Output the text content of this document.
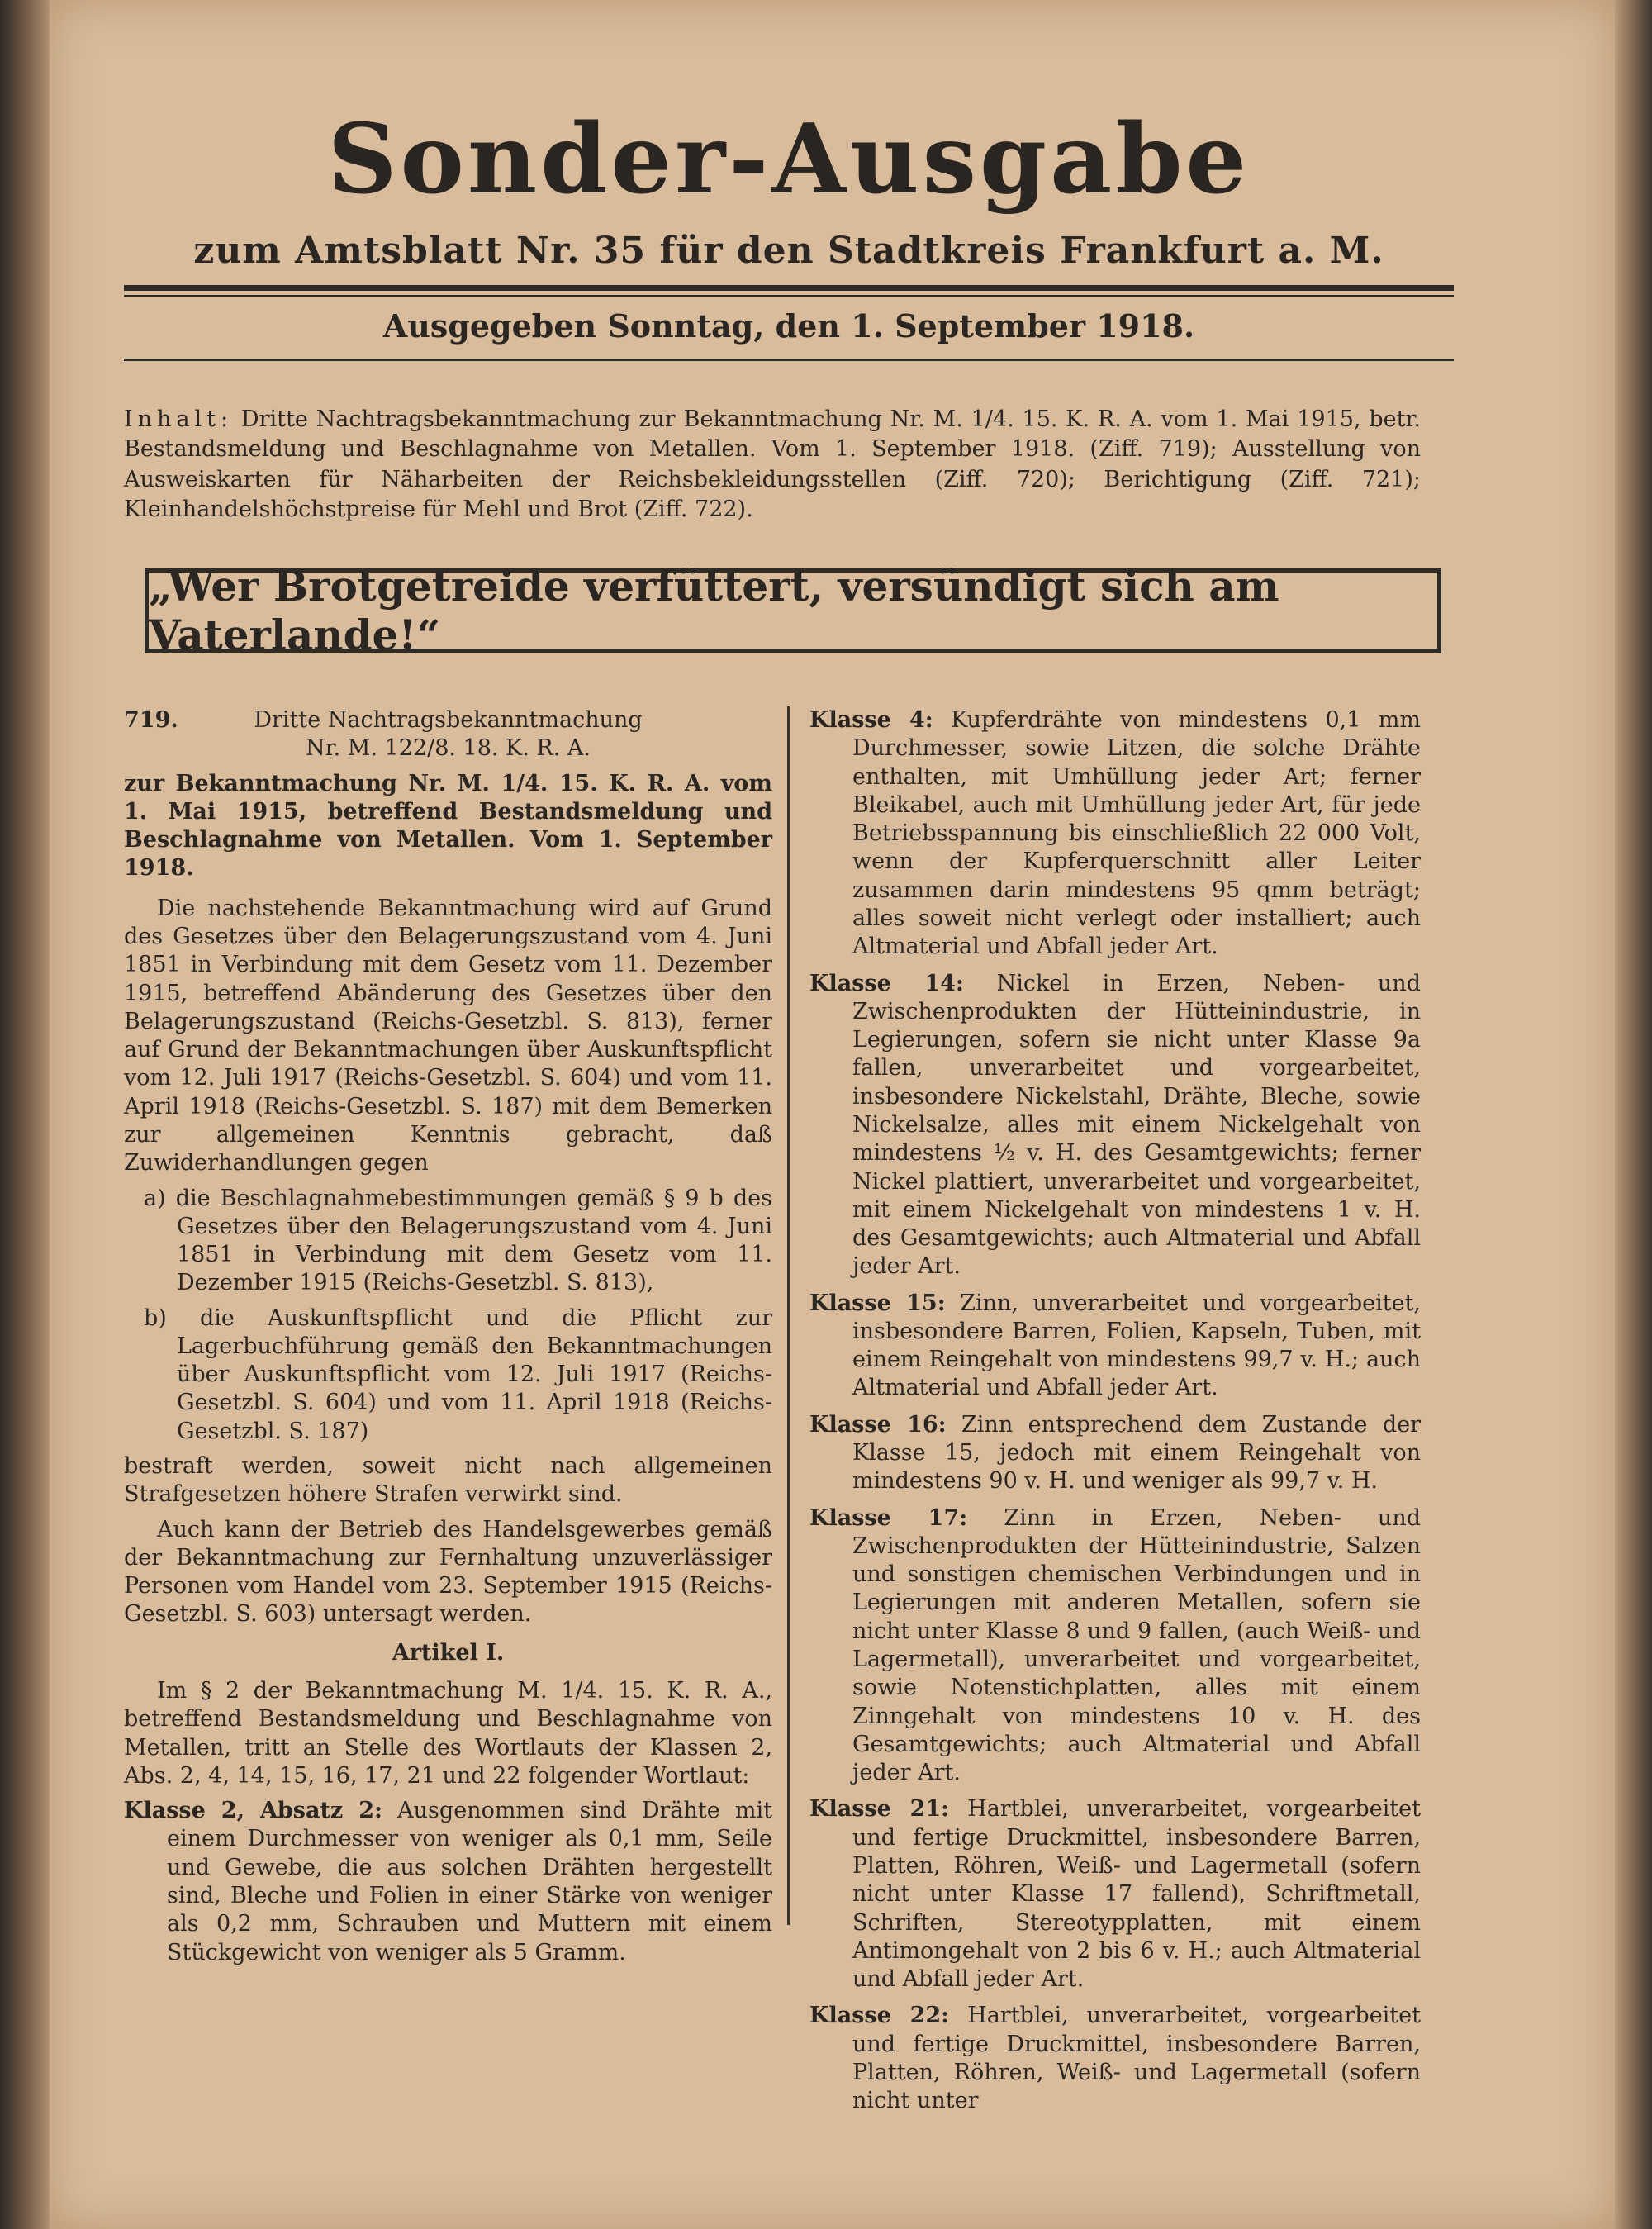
Sonder-Ausgabe
zum Amtsblatt Nr. 35 für den Stadtkreis Frankfurt a. M.
Ausgegeben Sonntag, den 1. September 1918.
Inhalt: Dritte Nachtragsbekanntmachung zur Bekanntmachung Nr. M. 1/4. 15. K. R. A. vom 1. Mai 1915, betr. Bestandsmeldung und Beschlagnahme von Metallen. Vom 1. September 1918. (Ziff. 719); Ausstellung von Ausweiskarten für Näharbeiten der Reichsbekleidungsstellen (Ziff. 720); Berichtigung (Ziff. 721); Kleinhandelshöchstpreise für Mehl und Brot (Ziff. 722).
„Wer Brotgetreide verfüttert, versündigt sich am Vaterlande!“
719.	Dritte Nachtragsbekanntmachung

Nr. M. 122/8. 18. K. R. A.

zur Bekanntmachung Nr. M. 1/4. 15. K. R. A. vom 1. Mai 1915, betreffend Bestandsmeldung und Beschlagnahme von Metallen. Vom 1. September 1918.

Die nachstehende Bekanntmachung wird auf Grund des Gesetzes über den Belagerungszustand vom 4. Juni 1851 in Verbindung mit dem Gesetz vom 11. Dezember 1915, betreffend Abänderung des Gesetzes über den Belagerungszustand (Reichs-Gesetzbl. S. 813), ferner auf Grund der Bekanntmachungen über Auskunftspflicht vom 12. Juli 1917 (Reichs-Gesetzbl. S. 604) und vom 11. April 1918 (Reichs-Gesetzbl. S. 187) mit dem Bemerken zur allgemeinen Kenntnis gebracht, daß Zuwiderhandlungen gegen

a) die Beschlagnahmebestimmungen gemäß § 9 b des Gesetzes über den Belagerungszustand vom 4. Juni 1851 in Verbindung mit dem Gesetz vom 11. Dezember 1915 (Reichs-Gesetzbl. S. 813),

b) die Auskunftspflicht und die Pflicht zur Lagerbuchführung gemäß den Bekanntmachungen über Auskunftspflicht vom 12. Juli 1917 (Reichs-Gesetzbl. S. 604) und vom 11. April 1918 (Reichs-Gesetzbl. S. 187)

bestraft werden, soweit nicht nach allgemeinen Strafgesetzen höhere Strafen verwirkt sind.

Auch kann der Betrieb des Handelsgewerbes gemäß der Bekanntmachung zur Fernhaltung unzuverlässiger Personen vom Handel vom 23. September 1915 (Reichs-Gesetzbl. S. 603) untersagt werden.

Artikel I.

Im § 2 der Bekanntmachung M. 1/4. 15. K. R. A., betreffend Bestandsmeldung und Beschlagnahme von Metallen, tritt an Stelle des Wortlauts der Klassen 2, Abs. 2, 4, 14, 15, 16, 17, 21 und 22 folgender Wortlaut:

Klasse 2, Absatz 2: Ausgenommen sind Drähte mit einem Durchmesser von weniger als 0,1 mm, Seile und Gewebe, die aus solchen Drähten hergestellt sind, Bleche und Folien in einer Stärke von weniger als 0,2 mm, Schrauben und Muttern mit einem Stückgewicht von weniger als 5 Gramm.

Klasse 4: Kupferdrähte von mindestens 0,1 mm Durchmesser, sowie Litzen, die solche Drähte enthalten, mit Umhüllung jeder Art; ferner Bleikabel, auch mit Umhüllung jeder Art, für jede Betriebsspannung bis einschließlich 22 000 Volt, wenn der Kupferquerschnitt aller Leiter zusammen darin mindestens 95 qmm beträgt; alles soweit nicht verlegt oder installiert; auch Altmaterial und Abfall jeder Art.

Klasse 14: Nickel in Erzen, Neben- und Zwischenprodukten der Hütteinindustrie, in Legierungen, sofern sie nicht unter Klasse 9a fallen, unverarbeitet und vorgearbeitet, insbesondere Nickelstahl, Drähte, Bleche, sowie Nickelsalze, alles mit einem Nickelgehalt von mindestens ½ v. H. des Gesamtgewichts; ferner Nickel plattiert, unverarbeitet und vorgearbeitet, mit einem Nickelgehalt von mindestens 1 v. H. des Gesamtgewichts; auch Altmaterial und Abfall jeder Art.

Klasse 15: Zinn, unverarbeitet und vorgearbeitet, insbesondere Barren, Folien, Kapseln, Tuben, mit einem Reingehalt von mindestens 99,7 v. H.; auch Altmaterial und Abfall jeder Art.

Klasse 16: Zinn entsprechend dem Zustande der Klasse 15, jedoch mit einem Reingehalt von mindestens 90 v. H. und weniger als 99,7 v. H.

Klasse 17: Zinn in Erzen, Neben- und Zwischenprodukten der Hütteinindustrie, Salzen und sonstigen chemischen Verbindungen und in Legierungen mit anderen Metallen, sofern sie nicht unter Klasse 8 und 9 fallen, (auch Weiß- und Lagermetall), unverarbeitet und vorgearbeitet, sowie Notenstichplatten, alles mit einem Zinngehalt von mindestens 10 v. H. des Gesamtgewichts; auch Altmaterial und Abfall jeder Art.

Klasse 21: Hartblei, unverarbeitet, vorgearbeitet und fertige Druckmittel, insbesondere Barren, Platten, Röhren, Weiß- und Lagermetall (sofern nicht unter Klasse 17 fallend), Schriftmetall, Schriften, Stereotypplatten, mit einem Antimongehalt von 2 bis 6 v. H.; auch Altmaterial und Abfall jeder Art.

Klasse 22: Hartblei, unverarbeitet, vorgearbeitet und fertige Druckmittel, insbesondere Barren, Platten, Röhren, Weiß- und Lagermetall (sofern nicht unter
